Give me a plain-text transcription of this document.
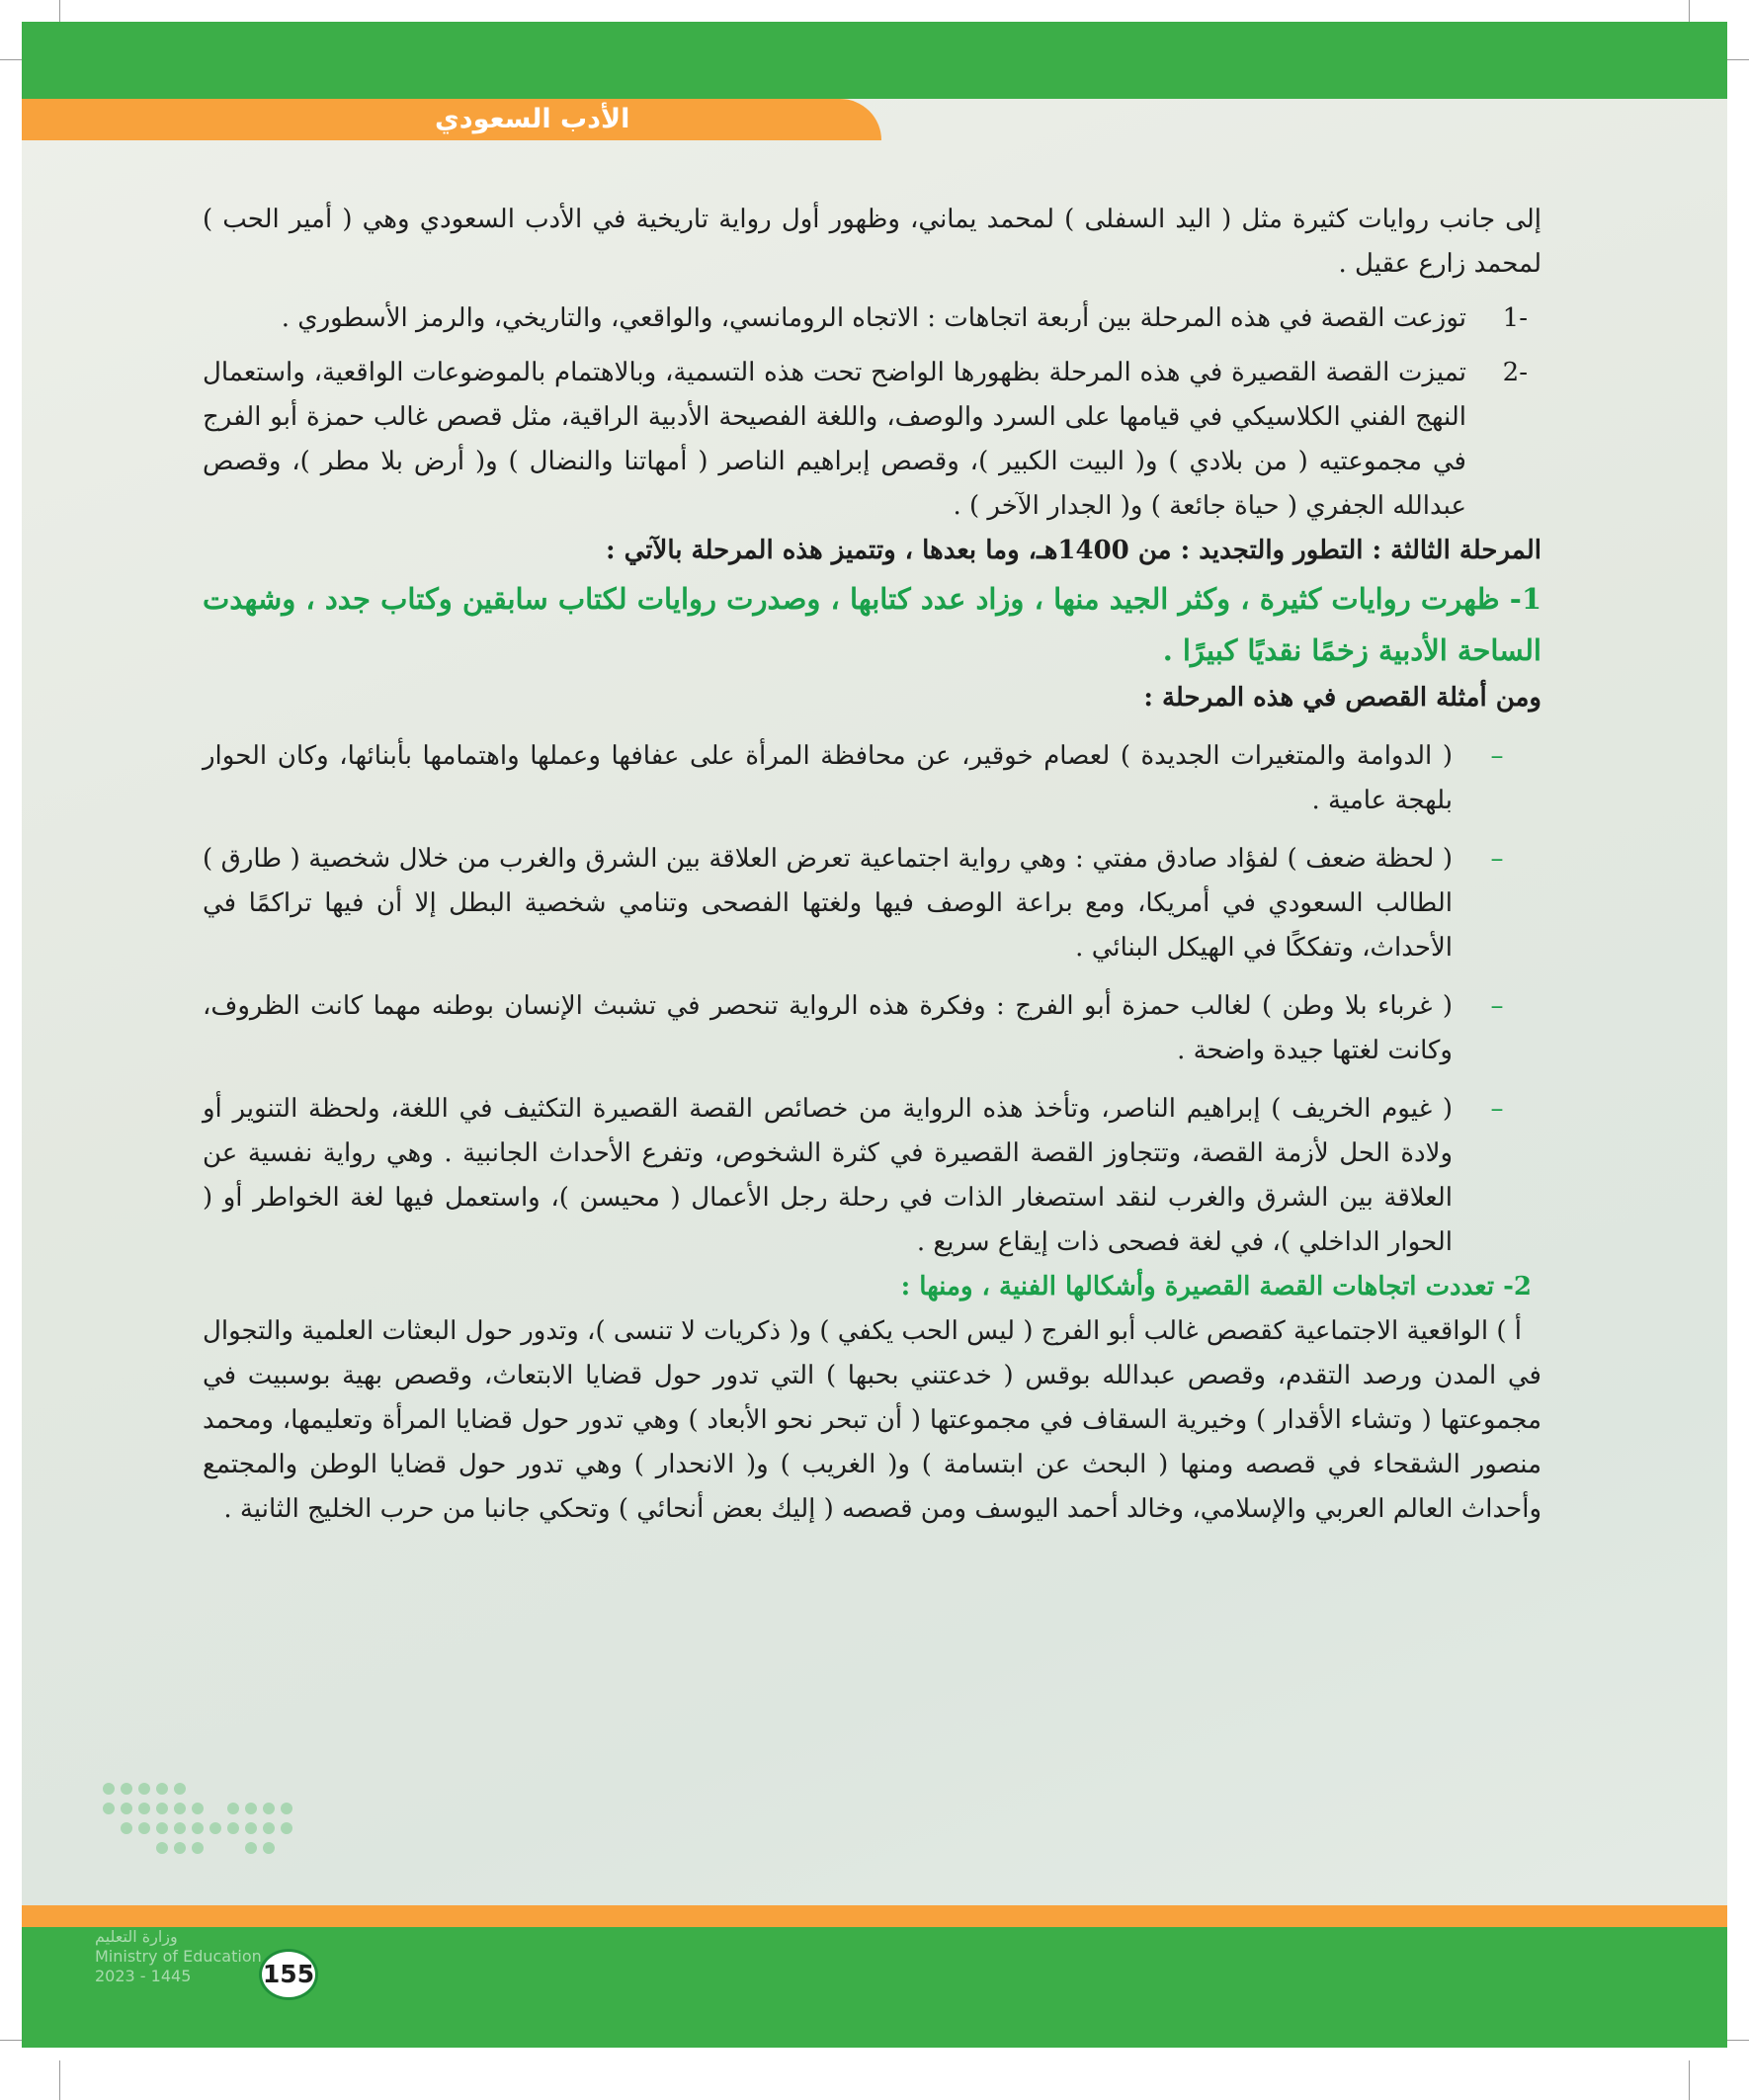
الأدب السعودي

إلى جانب روايات كثيرة مثل ( اليد السفلى ) لمحمد يماني، وظهور أول رواية تاريخية في الأدب السعودي وهي ( أمير الحب ) لمحمد زارع عقيل .

-1
توزعت القصة في هذه المرحلة بين أربعة اتجاهات : الاتجاه الرومانسي، والواقعي، والتاريخي، والرمز الأسطوري .
-2
تميزت القصة القصيرة في هذه المرحلة بظهورها الواضح تحت هذه التسمية، وبالاهتمام بالموضوعات الواقعية، واستعمال النهج الفني الكلاسيكي في قيامها على السرد والوصف، واللغة الفصيحة الأدبية الراقية، مثل قصص غالب حمزة أبو الفرج في مجموعتيه ( من بلادي ) و( البيت الكبير )، وقصص إبراهيم الناصر ( أمهاتنا والنضال ) و( أرض بلا مطر )، وقصص عبدالله الجفري ( حياة جائعة ) و( الجدار الآخر ) .

المرحلة الثالثة : التطور والتجديد : من 1400هـ، وما بعدها ، وتتميز هذه المرحلة بالآتي :

1- ظهرت روايات كثيرة ، وكثر الجيد منها ، وزاد عدد كتابها ، وصدرت روايات لكتاب سابقين وكتاب جدد ، وشهدت الساحة الأدبية زخمًا نقديًا كبيرًا .

ومن أمثلة القصص في هذه المرحلة :

–
( الدوامة والمتغيرات الجديدة ) لعصام خوقير، عن محافظة المرأة على عفافها وعملها واهتمامها بأبنائها، وكان الحوار بلهجة عامية .
–
( لحظة ضعف ) لفؤاد صادق مفتي : وهي رواية اجتماعية تعرض العلاقة بين الشرق والغرب من خلال شخصية ( طارق ) الطالب السعودي في أمريكا، ومع براعة الوصف فيها ولغتها الفصحى وتنامي شخصية البطل إلا أن فيها تراكمًا في الأحداث، وتفككًا في الهيكل البنائي .
–
( غرباء بلا وطن ) لغالب حمزة أبو الفرج : وفكرة هذه الرواية تنحصر في تشبث الإنسان بوطنه مهما كانت الظروف، وكانت لغتها جيدة واضحة .
–
( غيوم الخريف ) إبراهيم الناصر، وتأخذ هذه الرواية من خصائص القصة القصيرة التكثيف في اللغة، ولحظة التنوير أو ولادة الحل لأزمة القصة، وتتجاوز القصة القصيرة في كثرة الشخوص، وتفرع الأحداث الجانبية . وهي رواية نفسية عن العلاقة بين الشرق والغرب لنقد استصغار الذات في رحلة رجل الأعمال ( محيسن )، واستعمل فيها لغة الخواطر أو ( الحوار الداخلي )، في لغة فصحى ذات إيقاع سريع .

2- تعددت اتجاهات القصة القصيرة وأشكالها الفنية ، ومنها :

أ ) الواقعية الاجتماعية كقصص غالب أبو الفرج ( ليس الحب يكفي ) و( ذكريات لا تنسى )، وتدور حول البعثات العلمية والتجوال في المدن ورصد التقدم، وقصص عبدالله بوقس ( خدعتني بحبها ) التي تدور حول قضايا الابتعاث، وقصص بهية بوسبيت في مجموعتها ( وتشاء الأقدار ) وخيرية السقاف في مجموعتها ( أن تبحر نحو الأبعاد ) وهي تدور حول قضايا المرأة وتعليمها، ومحمد منصور الشقحاء في قصصه ومنها ( البحث عن ابتسامة ) و( الغريب ) و( الانحدار ) وهي تدور حول قضايا الوطن والمجتمع وأحداث العالم العربي والإسلامي، وخالد أحمد اليوسف ومن قصصه ( إليك بعض أنحائي ) وتحكي جانبا من حرب الخليج الثانية .

وزارة التعليم
Ministry of Education
2023 - 1445	155
